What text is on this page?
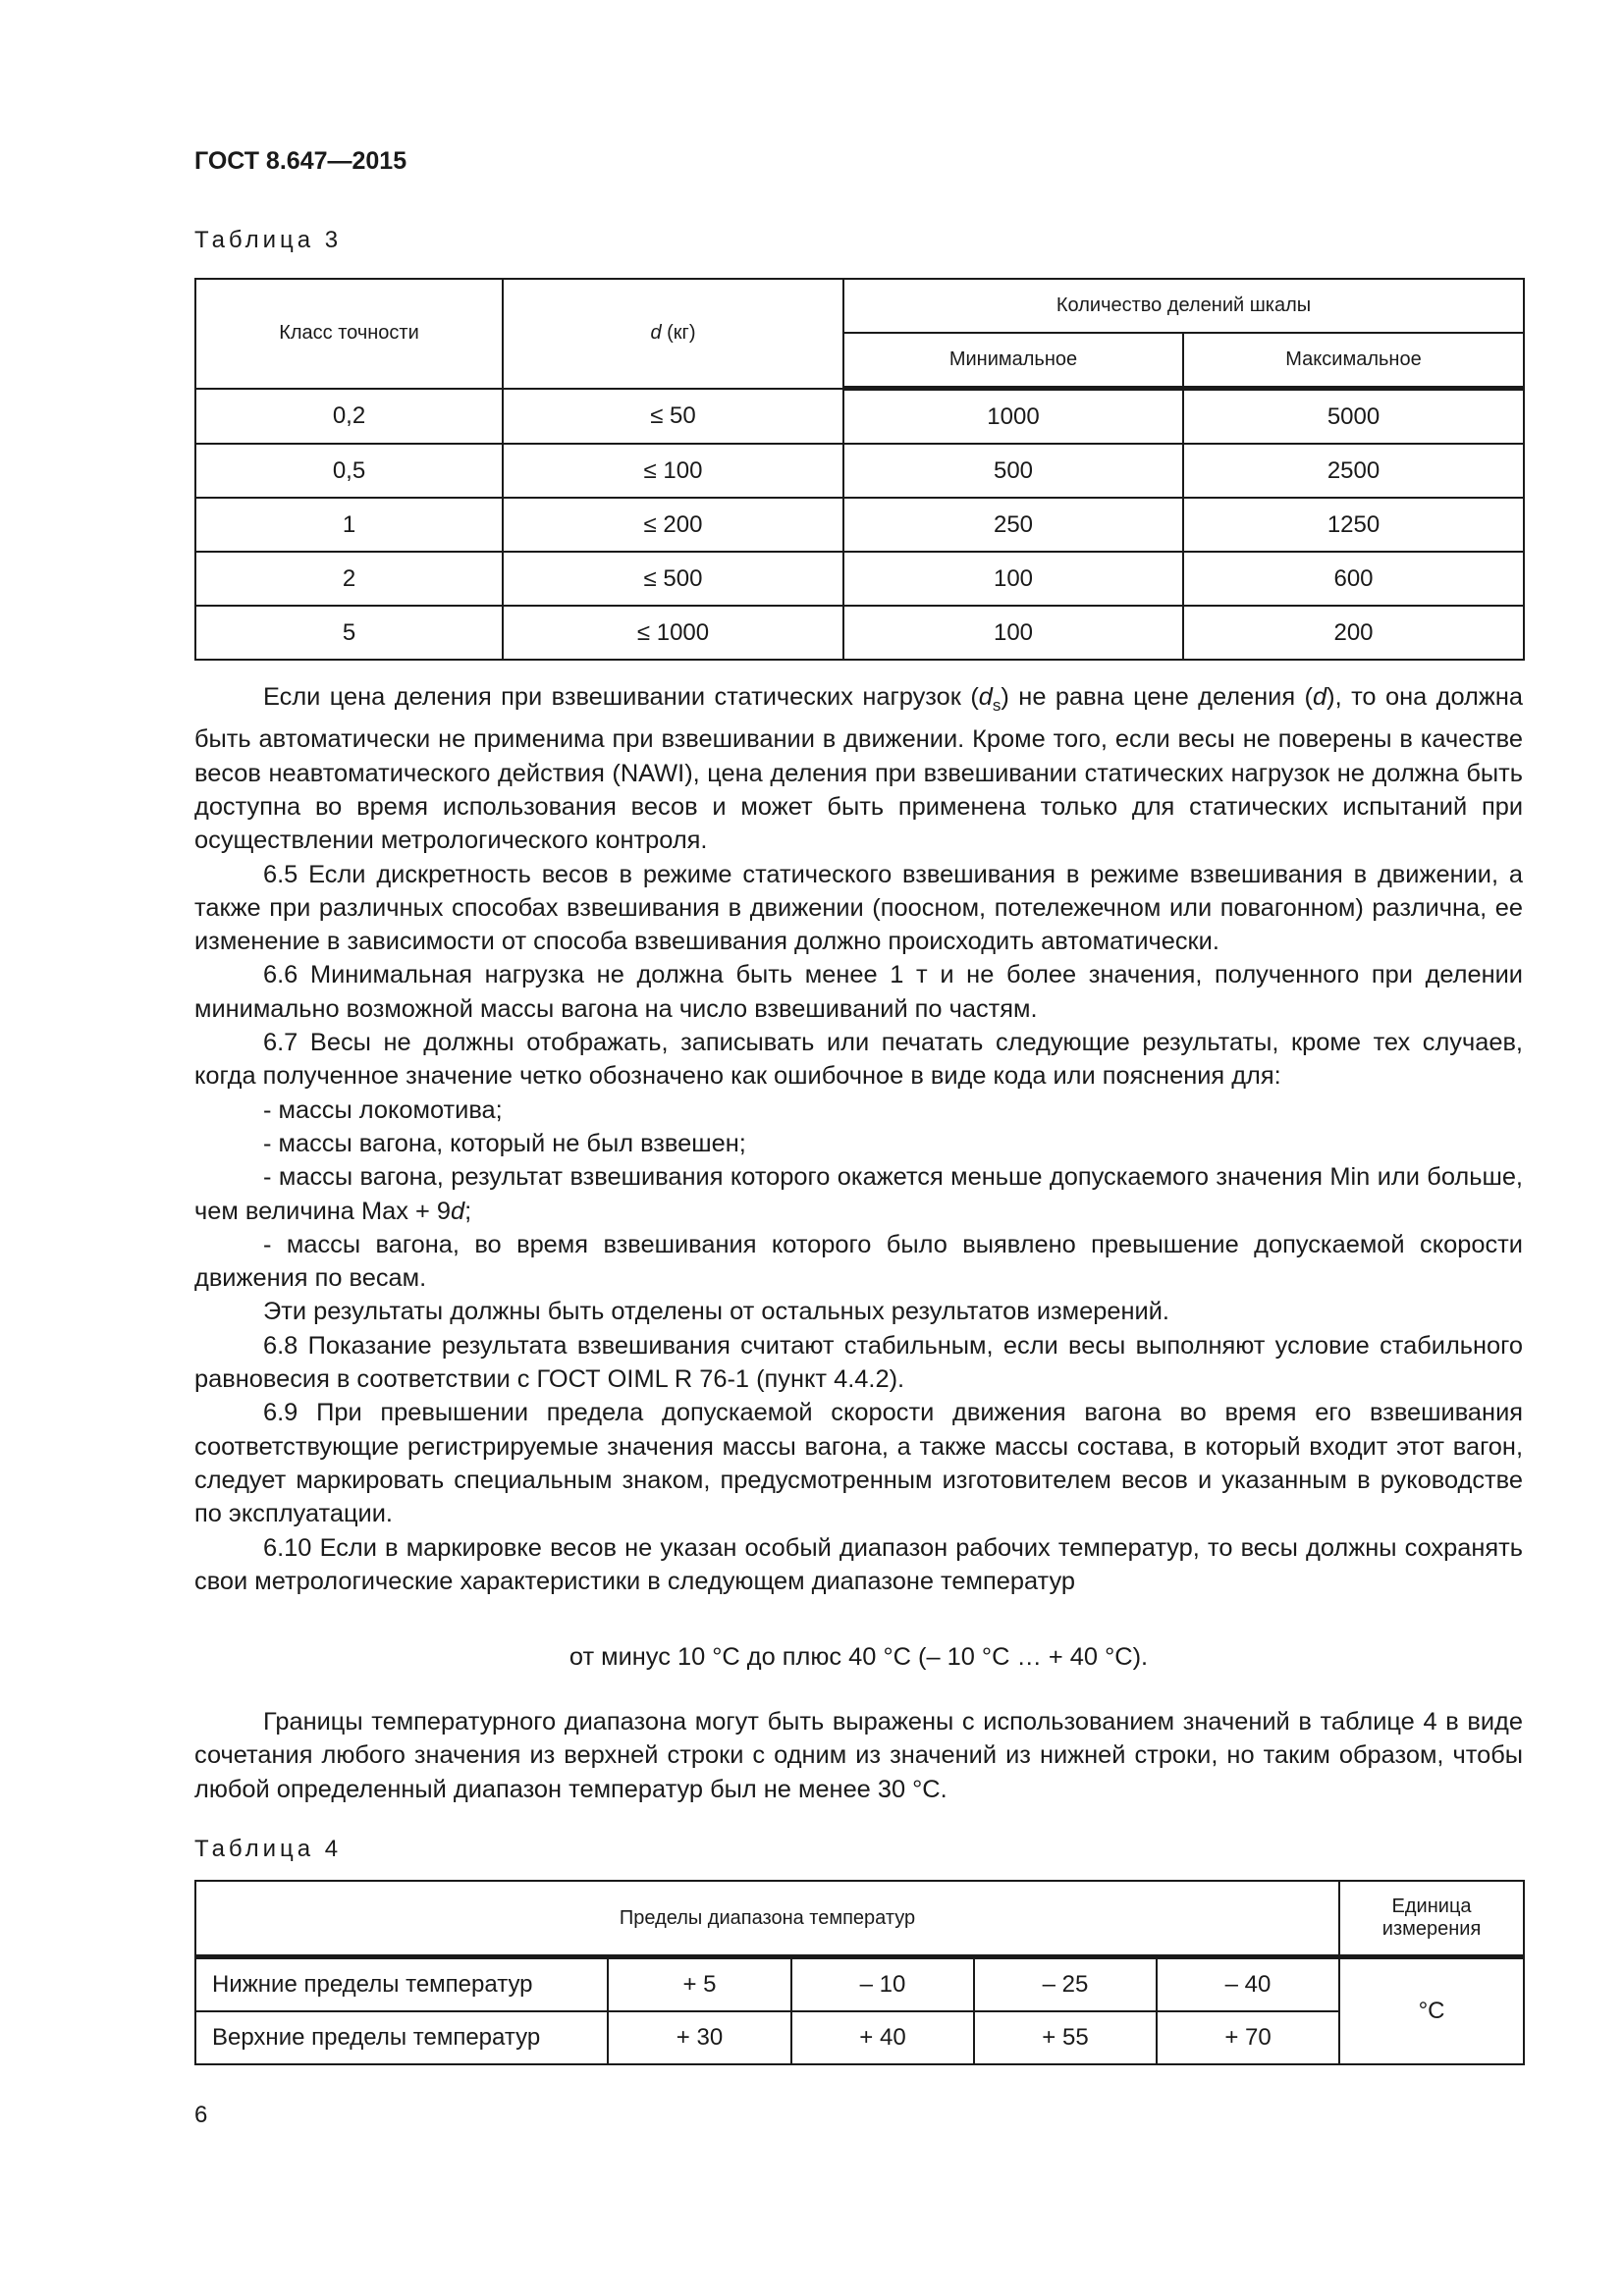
ГОСТ 8.647—2015
Таблица 3
Класс точности	d (кг)	Количество делений шкалы	
		Минимальное	Максимальное
0,2	≤ 50	1000	5000
0,5	≤ 100	500	2500
1	≤ 200	250	1250
2	≤ 500	100	600
5	≤ 1000	100	200

Если цена деления при взвешивании статических нагрузок $(d_s)$ не равна цене деления (d), то она должна быть автоматически не применима при взвешивании в движении. Кроме того, если весы не поверены в качестве весов неавтоматического действия (NAWI), цена деления при взвешивании статических нагрузок не должна быть доступна во время использования весов и может быть применена только для статических испытаний при осуществлении метрологического контроля.

6.5 Если дискретность весов в режиме статического взвешивания в режиме взвешивания в движении, а также при различных способах взвешивания в движении (поосном, потележечном или повагонном) различна, ее изменение в зависимости от способа взвешивания должно происходить автоматически.

6.6 Минимальная нагрузка не должна быть менее 1 т и не более значения, полученного при делении минимально возможной массы вагона на число взвешиваний по частям.

6.7 Весы не должны отображать, записывать или печатать следующие результаты, кроме тех случаев, когда полученное значение четко обозначено как ошибочное в виде кода или пояснения для:

- массы локомотива;

- массы вагона, который не был взвешен;

- массы вагона, результат взвешивания которого окажется меньше допускаемого значения Min или больше, чем величина Max + 9d;

- массы вагона, во время взвешивания которого было выявлено превышение допускаемой скорости движения по весам.

Эти результаты должны быть отделены от остальных результатов измерений.

6.8 Показание результата взвешивания считают стабильным, если весы выполняют условие стабильного равновесия в соответствии с ГОСТ OIML R 76-1 (пункт 4.4.2).

6.9 При превышении предела допускаемой скорости движения вагона во время его взвешивания соответствующие регистрируемые значения массы вагона, а также массы состава, в который входит этот вагон, следует маркировать специальным знаком, предусмотренным изготовителем весов и указанным в руководстве по эксплуатации.

6.10 Если в маркировке весов не указан особый диапазон рабочих температур, то весы должны сохранять свои метрологические характеристики в следующем диапазоне температур

от минус 10 °С до плюс 40 °С (– 10 °С … + 40 °С).

Границы температурного диапазона могут быть выражены с использованием значений в таблице 4 в виде сочетания любого значения из верхней строки с одним из значений из нижней строки, но таким образом, чтобы любой определенный диапазон температур был не менее 30 °С.

Таблица 4
Пределы диапазона температур					Единица измерения
Нижние пределы температур	+ 5	– 10	– 25	– 40	°С
Верхние пределы температур	+ 30	+ 40	+ 55	+ 70	
6
